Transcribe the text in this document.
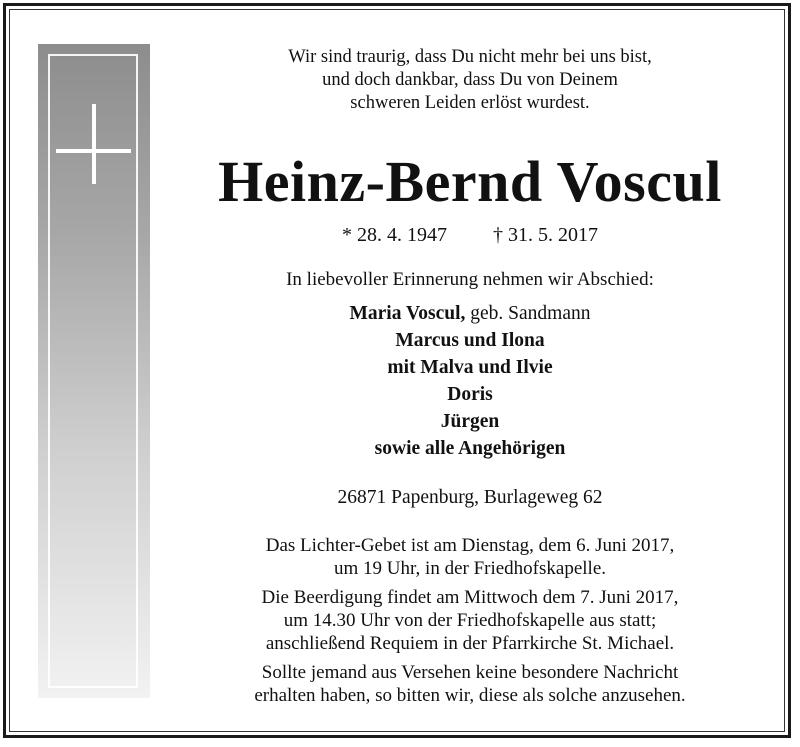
Wir sind traurig, dass Du nicht mehr bei uns bist,
und doch dankbar, dass Du von Deinem
schweren Leiden erlöst wurdest.
Heinz-Bernd Voscul
* 28. 4. 1947 † 31. 5. 2017
In liebevoller Erinnerung nehmen wir Abschied:
Maria Voscul, geb. Sandmann
Marcus und Ilona
mit Malva und Ilvie
Doris
Jürgen
sowie alle Angehörigen
26871 Papenburg, Burlageweg 62

Das Lichter-Gebet ist am Dienstag, dem 6. Juni 2017,
um 19 Uhr, in der Friedhofskapelle.

Die Beerdigung findet am Mittwoch dem 7. Juni 2017,
um 14.30 Uhr von der Friedhofskapelle aus statt;
anschließend Requiem in der Pfarrkirche St. Michael.

Sollte jemand aus Versehen keine besondere Nachricht
erhalten haben, so bitten wir, diese als solche anzusehen.
